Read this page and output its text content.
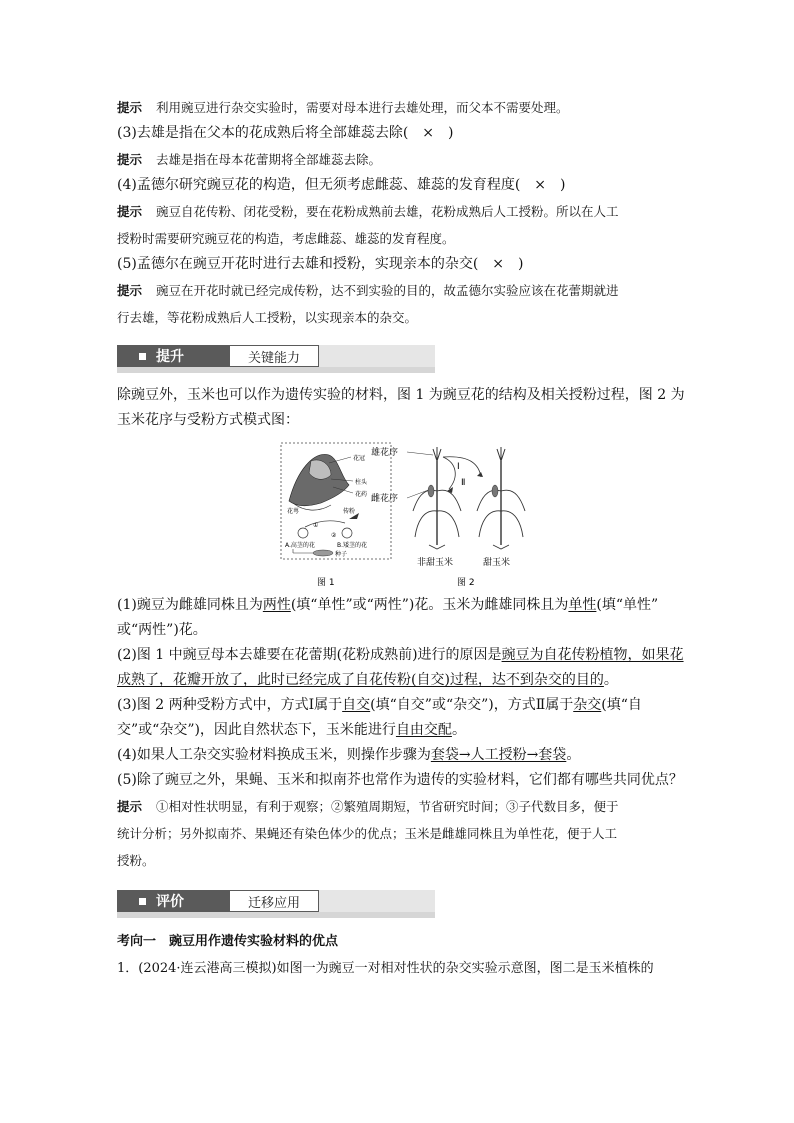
提示 利用豌豆进行杂交实验时，需要对母本进行去雄处理，而父本不需要处理。
(3)去雄是指在父本的花成熟后将全部雄蕊去除(　×　)
提示 去雄是指在母本花蕾期将全部雄蕊去除。
(4)孟德尔研究豌豆花的构造，但无须考虑雌蕊、雄蕊的发育程度(　×　)
提示 豌豆自花传粉、闭花受粉，要在花粉成熟前去雄，花粉成熟后人工授粉。所以在人工
授粉时需要研究豌豆花的构造，考虑雌蕊、雄蕊的发育程度。
(5)孟德尔在豌豆开花时进行去雄和授粉，实现亲本的杂交(　×　)
提示 豌豆在开花时就已经完成传粉，达不到实验的目的，故孟德尔实验应该在花蕾期就进
行去雄，等花粉成熟后人工授粉，以实现亲本的杂交。
提升	关键能力
除豌豆外，玉米也可以作为遗传实验的材料，图 1 为豌豆花的结构及相关授粉过程，图 2 为
玉米花序与受粉方式模式图：
花冠
柱头
花药
花萼	传粉
①
②
A.高茎的花	B.矮茎的花
种子
图 1
雄花序
雌花序
Ⅰ
Ⅱ
非甜玉米	甜玉米
图 2
(1)豌豆为雌雄同株且为两性(填“单性”或“两性”)花。玉米为雌雄同株且为单性(填“单性”
或“两性”)花。
(2)图 1 中豌豆母本去雄要在花蕾期(花粉成熟前)进行的原因是豌豆为自花传粉植物，如果花
成熟了，花瓣开放了，此时已经完成了自花传粉(自交)过程，达不到杂交的目的。
(3)图 2 两种受粉方式中，方式Ⅰ属于自交(填“自交”或“杂交”)，方式Ⅱ属于杂交(填“自
交”或“杂交”)，因此自然状态下，玉米能进行自由交配。
(4)如果人工杂交实验材料换成玉米，则操作步骤为套袋→人工授粉→套袋。
(5)除了豌豆之外，果蝇、玉米和拟南芥也常作为遗传的实验材料，它们都有哪些共同优点？
提示 ①相对性状明显，有利于观察；②繁殖周期短，节省研究时间；③子代数目多，便于
统计分析；另外拟南芥、果蝇还有染色体少的优点；玉米是雌雄同株且为单性花，便于人工
授粉。
评价	迁移应用
考向一　豌豆用作遗传实验材料的优点
1．(2024·连云港高三模拟)如图一为豌豆一对相对性状的杂交实验示意图，图二是玉米植株的
